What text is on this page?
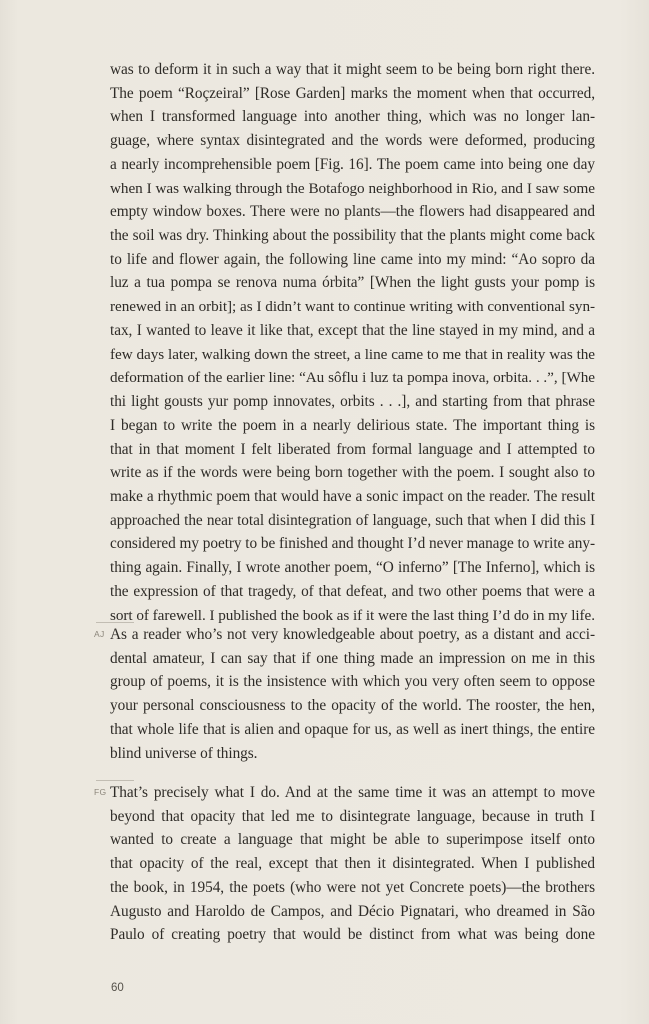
was to deform it in such a way that it might seem to be being born right there.
The poem “Roçzeiral” [Rose Garden] marks the moment when that occurred,
when I transformed language into another thing, which was no longer lan-
guage, where syntax disintegrated and the words were deformed, producing
a nearly incomprehensible poem [Fig. 16]. The poem came into being one day
when I was walking through the Botafogo neighborhood in Rio, and I saw some
empty window boxes. There were no plants—the flowers had disappeared and
the soil was dry. Thinking about the possibility that the plants might come back
to life and flower again, the following line came into my mind: “Ao sopro da
luz a tua pompa se renova numa órbita” [When the light gusts your pomp is
renewed in an orbit]; as I didn’t want to continue writing with conventional syn-
tax, I wanted to leave it like that, except that the line stayed in my mind, and a
few days later, walking down the street, a line came to me that in reality was the
deformation of the earlier line: “Au sôflu i luz ta pompa inova, orbita. . .”, [Whe
thi light gousts yur pomp innovates, orbits . . .], and starting from that phrase
I began to write the poem in a nearly delirious state. The important thing is
that in that moment I felt liberated from formal language and I attempted to
write as if the words were being born together with the poem. I sought also to
make a rhythmic poem that would have a sonic impact on the reader. The result
approached the near total disintegration of language, such that when I did this I
considered my poetry to be finished and thought I’d never manage to write any-
thing again. Finally, I wrote another poem, “O inferno” [The Inferno], which is
the expression of that tragedy, of that defeat, and two other poems that were a
sort of farewell. I published the book as if it were the last thing I’d do in my life.
AJ As a reader who’s not very knowledgeable about poetry, as a distant and acci-
dental amateur, I can say that if one thing made an impression on me in this
group of poems, it is the insistence with which you very often seem to oppose
your personal consciousness to the opacity of the world. The rooster, the hen,
that whole life that is alien and opaque for us, as well as inert things, the entire
blind universe of things.
FG That’s precisely what I do. And at the same time it was an attempt to move
beyond that opacity that led me to disintegrate language, because in truth I
wanted to create a language that might be able to superimpose itself onto
that opacity of the real, except that then it disintegrated. When I published
the book, in 1954, the poets (who were not yet Concrete poets)—the brothers
Augusto and Haroldo de Campos, and Décio Pignatari, who dreamed in São
Paulo of creating poetry that would be distinct from what was being done
60
